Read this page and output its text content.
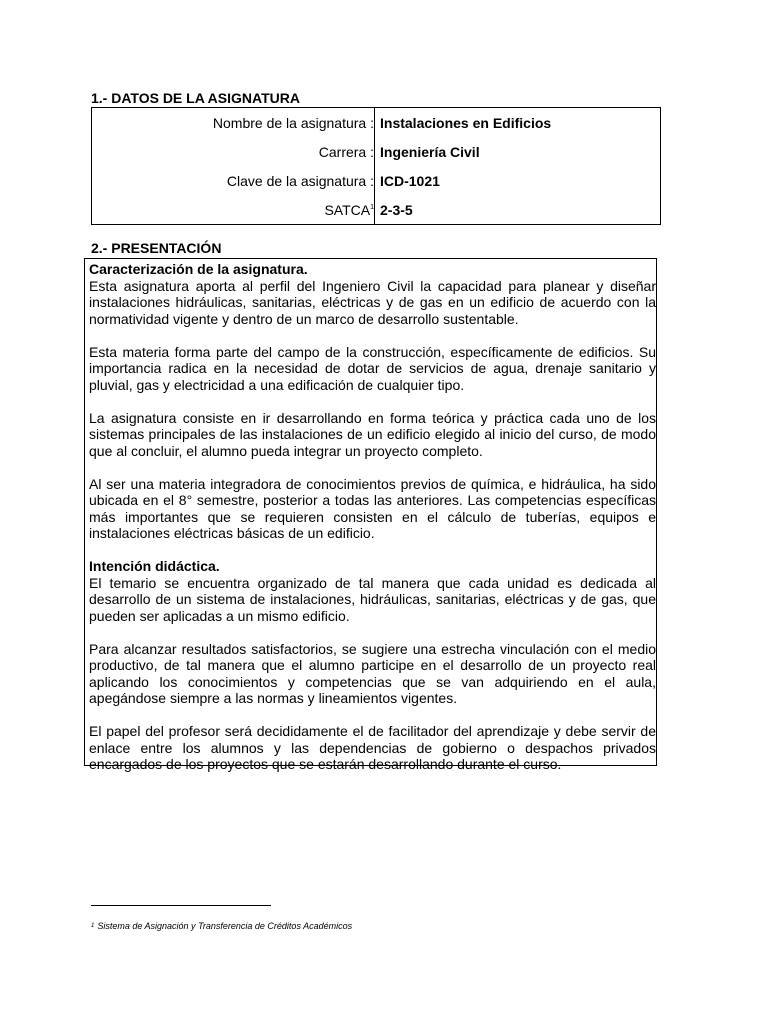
1.- DATOS DE LA ASIGNATURA
Nombre de la asignatura :	Instalaciones en Edificios
Carrera :	Ingeniería Civil
Clave de la asignatura :	ICD-1021
SATCA$^1$	2-3-5
2.- PRESENTACIÓN

Caracterización de la asignatura.
Esta asignatura aporta al perfil del Ingeniero Civil la capacidad para planear y diseñar instalaciones hidráulicas, sanitarias, eléctricas y de gas en un edificio de acuerdo con la normatividad vigente y dentro de un marco de desarrollo sustentable.

Esta materia forma parte del campo de la construcción, específicamente de edificios. Su importancia radica en la necesidad de dotar de servicios de agua, drenaje sanitario y pluvial, gas y electricidad a una edificación de cualquier tipo.

La asignatura consiste en ir desarrollando en forma teórica y práctica cada uno de los sistemas principales de las instalaciones de un edificio elegido al inicio del curso, de modo que al concluir, el alumno pueda integrar un proyecto completo.

Al ser una materia integradora de conocimientos previos de química, e hidráulica, ha sido ubicada en el 8° semestre, posterior a todas las anteriores. Las competencias específicas más importantes que se requieren consisten en el cálculo de tuberías, equipos e instalaciones eléctricas básicas de un edificio.

Intención didáctica.
El temario se encuentra organizado de tal manera que cada unidad es dedicada al desarrollo de un sistema de instalaciones, hidráulicas, sanitarias, eléctricas y de gas, que pueden ser aplicadas a un mismo edificio.

Para alcanzar resultados satisfactorios, se sugiere una estrecha vinculación con el medio productivo, de tal manera que el alumno participe en el desarrollo de un proyecto real aplicando los conocimientos y competencias que se van adquiriendo en el aula, apegándose siempre a las normas y lineamientos vigentes.

El papel del profesor será decididamente el de facilitador del aprendizaje y debe servir de enlace entre los alumnos y las dependencias de gobierno o despachos privados encargados de los proyectos que se estarán desarrollando durante el curso.

$^1$ Sistema de Asignación y Transferencia de Créditos Académicos
